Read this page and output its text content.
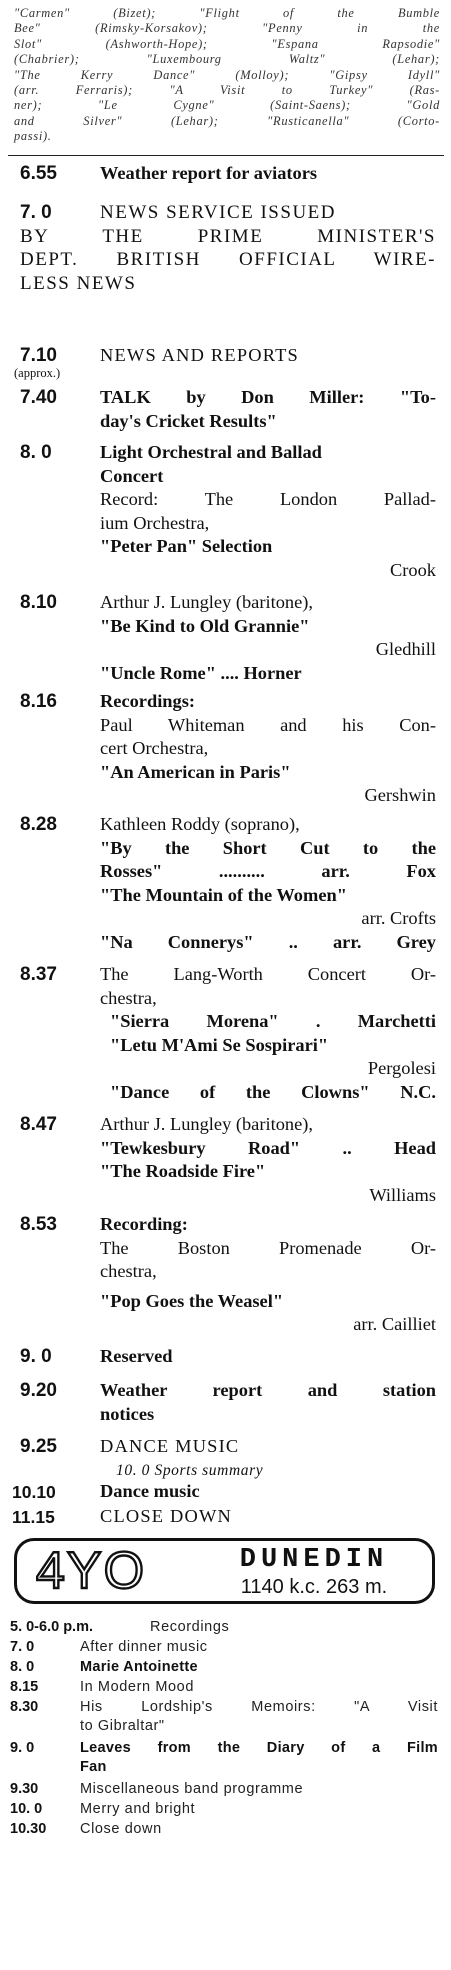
"Carmen" (Bizet); "Flight of the Bumble
Bee" (Rimsky-Korsakov); "Penny in the
Slot" (Ashworth-Hope); "Espana Rapsodie"
(Chabrier); "Luxembourg Waltz" (Lehar);
"The Kerry Dance" (Molloy); "Gipsy Idyll"
(arr. Ferraris); "A Visit to Turkey" (Ras-
ner); "Le Cygne" (Saint-Saens); "Gold
and Silver" (Lehar); "Rusticanella" (Corto-
passi).
6.55	Weather report for aviators
7. 0	NEWS SERVICE ISSUED
BY THE PRIME MINISTER'S
DEPT. BRITISH OFFICIAL WIRE-
LESS NEWS
7.10	NEWS AND REPORTS
(approx.)
7.40	TALK by Don Miller: "To-
day's Cricket Results"
8. 0	Light Orchestral and Ballad
Concert
Record: The London Pallad-
ium Orchestra,
"Peter Pan" Selection
Crook
8.10	Arthur J. Lungley (baritone),
"Be Kind to Old Grannie"
Gledhill
"Uncle Rome" .... Horner
8.16	Recordings:
Paul Whiteman and his Con-
cert Orchestra,
"An American in Paris"
Gershwin
8.28	Kathleen Roddy (soprano),
"By the Short Cut to the
Rosses" .......... arr. Fox
"The Mountain of the Women"
arr. Crofts
"Na Connerys" .. arr. Grey
8.37	The Lang-Worth Concert Or-
chestra,
"Sierra Morena" . Marchetti
"Letu M'Ami Se Sospirari"
Pergolesi
"Dance of the Clowns" N.C.
8.47	Arthur J. Lungley (baritone),
"Tewkesbury Road" .. Head
"The Roadside Fire"
Williams
8.53	Recording:
The Boston Promenade Or-
chestra,
"Pop Goes the Weasel"
arr. Cailliet
9. 0	Reserved
9.20	Weather report and station
notices
9.25	DANCE MUSIC
10. 0 Sports summary
10.10	Dance music
11.15	CLOSE DOWN
4YO	DUNEDIN
1140 k.c. 263 m.
5. 0-6.0 p.m.	Recordings
7. 0	After dinner music
8. 0	Marie Antoinette
8.15	In Modern Mood
8.30	His Lordship's Memoirs: "A Visit
to Gibraltar"
9. 0	Leaves from the Diary of a Film
Fan
9.30	Miscellaneous band programme
10. 0	Merry and bright
10.30	Close down
